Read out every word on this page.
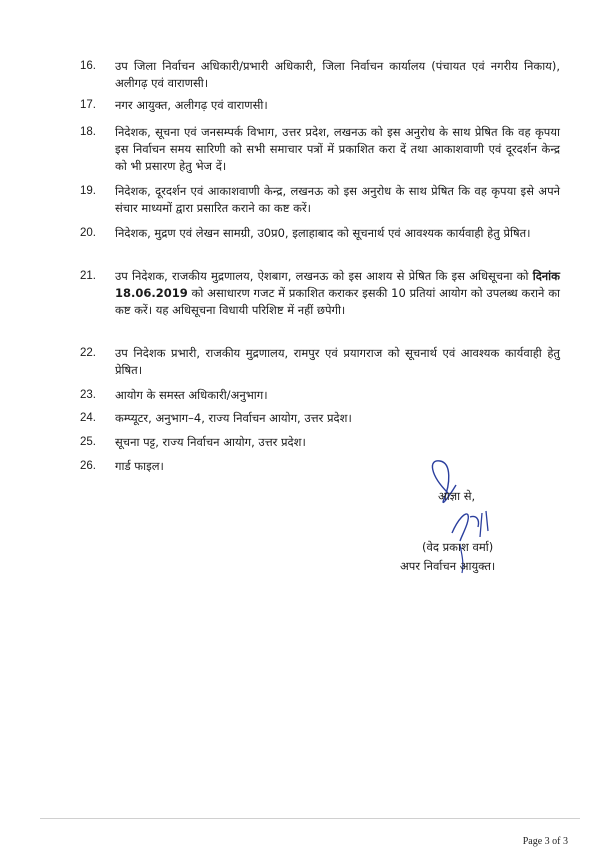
16.	उप जिला निर्वाचन अधिकारी/प्रभारी अधिकारी, जिला निर्वाचन कार्यालय (पंचायत एवं नगरीय निकाय), अलीगढ़ एवं वाराणसी।
17.	नगर आयुक्त, अलीगढ़ एवं वाराणसी।
18.	निदेशक, सूचना एवं जनसम्पर्क विभाग, उत्तर प्रदेश, लखनऊ को इस अनुरोध के साथ प्रेषित कि वह कृपया इस निर्वाचन समय सारिणी को सभी समाचार पत्रों में प्रकाशित करा दें तथा आकाशवाणी एवं दूरदर्शन केन्द्र को भी प्रसारण हेतु भेज दें।
19.	निदेशक, दूरदर्शन एवं आकाशवाणी केन्द्र, लखनऊ को इस अनुरोध के साथ प्रेषित कि वह कृपया इसे अपने संचार माध्यमों द्वारा प्रसारित कराने का कष्ट करें।
20.	निदेशक, मुद्रण एवं लेखन सामग्री, उ0प्र0, इलाहाबाद को सूचनार्थ एवं आवश्यक कार्यवाही हेतु प्रेषित।
21.	उप निदेशक, राजकीय मुद्रणालय, ऐशबाग, लखनऊ को इस आशय से प्रेषित कि इस अधिसूचना को दिनांक 18.06.2019 को असाधारण गजट में प्रकाशित कराकर इसकी 10 प्रतियां आयोग को उपलब्ध कराने का कष्ट करें। यह अधिसूचना विधायी परिशिष्ट में नहीं छपेगी।
22.	उप निदेशक प्रभारी, राजकीय मुद्रणालय, रामपुर एवं प्रयागराज को सूचनार्थ एवं आवश्यक कार्यवाही हेतु प्रेषित।
23.	आयोग के समस्त अधिकारी/अनुभाग।
24.	कम्प्यूटर, अनुभाग–4, राज्य निर्वाचन आयोग, उत्तर प्रदेश।
25.	सूचना पट्ट, राज्य निर्वाचन आयोग, उत्तर प्रदेश।
26.	गार्ड फाइल।
आज्ञा से,
(वेद प्रकाश वर्मा)
अपर निर्वाचन आयुक्त।
Page 3 of 3
